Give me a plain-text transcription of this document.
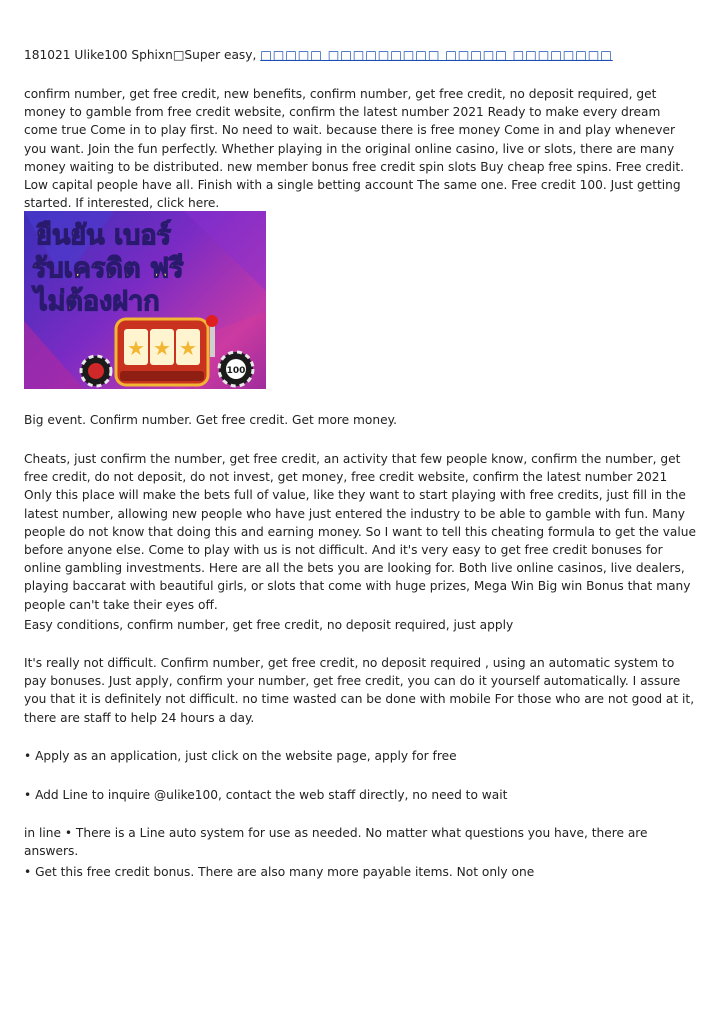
181021 Ulike100 Sphixn□Super easy, □□□□□ □□□□□□□□□ □□□□□ □□□□□□□□

confirm number, get free credit, new benefits, confirm number, get free credit, no deposit required, get money to gamble from free credit website, confirm the latest number 2021 Ready to make every dream come true Come in to play first. No need to wait. because there is free money Come in and play whenever you want. Join the fun perfectly. Whether playing in the original online casino, live or slots, there are many money waiting to be distributed. new member bonus free credit spin slots Buy cheap free spins. Free credit. Low capital people have all. Finish with a single betting account The same one. Free credit 100. Just getting started. If interested, click here.

ยืนยัน เบอร์
รับเครดิต ฟรี
ไม่ต้องฝาก
★ ★ ★
100

Big event. Confirm number. Get free credit. Get more money.

Cheats, just confirm the number, get free credit, an activity that few people know, confirm the number, get free credit, do not deposit, do not invest, get money, free credit website, confirm the latest number 2021 Only this place will make the bets full of value, like they want to start playing with free credits, just fill in the latest number, allowing new people who have just entered the industry to be able to gamble with fun. Many people do not know that doing this and earning money. So I want to tell this cheating formula to get the value before anyone else. Come to play with us is not difficult. And it's very easy to get free credit bonuses for online gambling investments. Here are all the bets you are looking for. Both live online casinos, live dealers, playing baccarat with beautiful girls, or slots that come with huge prizes, Mega Win Big win Bonus that many people can't take their eyes off.

Easy conditions, confirm number, get free credit, no deposit required, just apply

It's really not difficult. Confirm number, get free credit, no deposit required , using an automatic system to pay bonuses. Just apply, confirm your number, get free credit, you can do it yourself automatically. I assure you that it is definitely not difficult. no time wasted can be done with mobile For those who are not good at it, there are staff to help 24 hours a day.

• Apply as an application, just click on the website page, apply for free

• Add Line to inquire @ulike100, contact the web staff directly, no need to wait

in line • There is a Line auto system for use as needed. No matter what questions you have, there are answers.

• Get this free credit bonus. There are also many more payable items. Not only one
